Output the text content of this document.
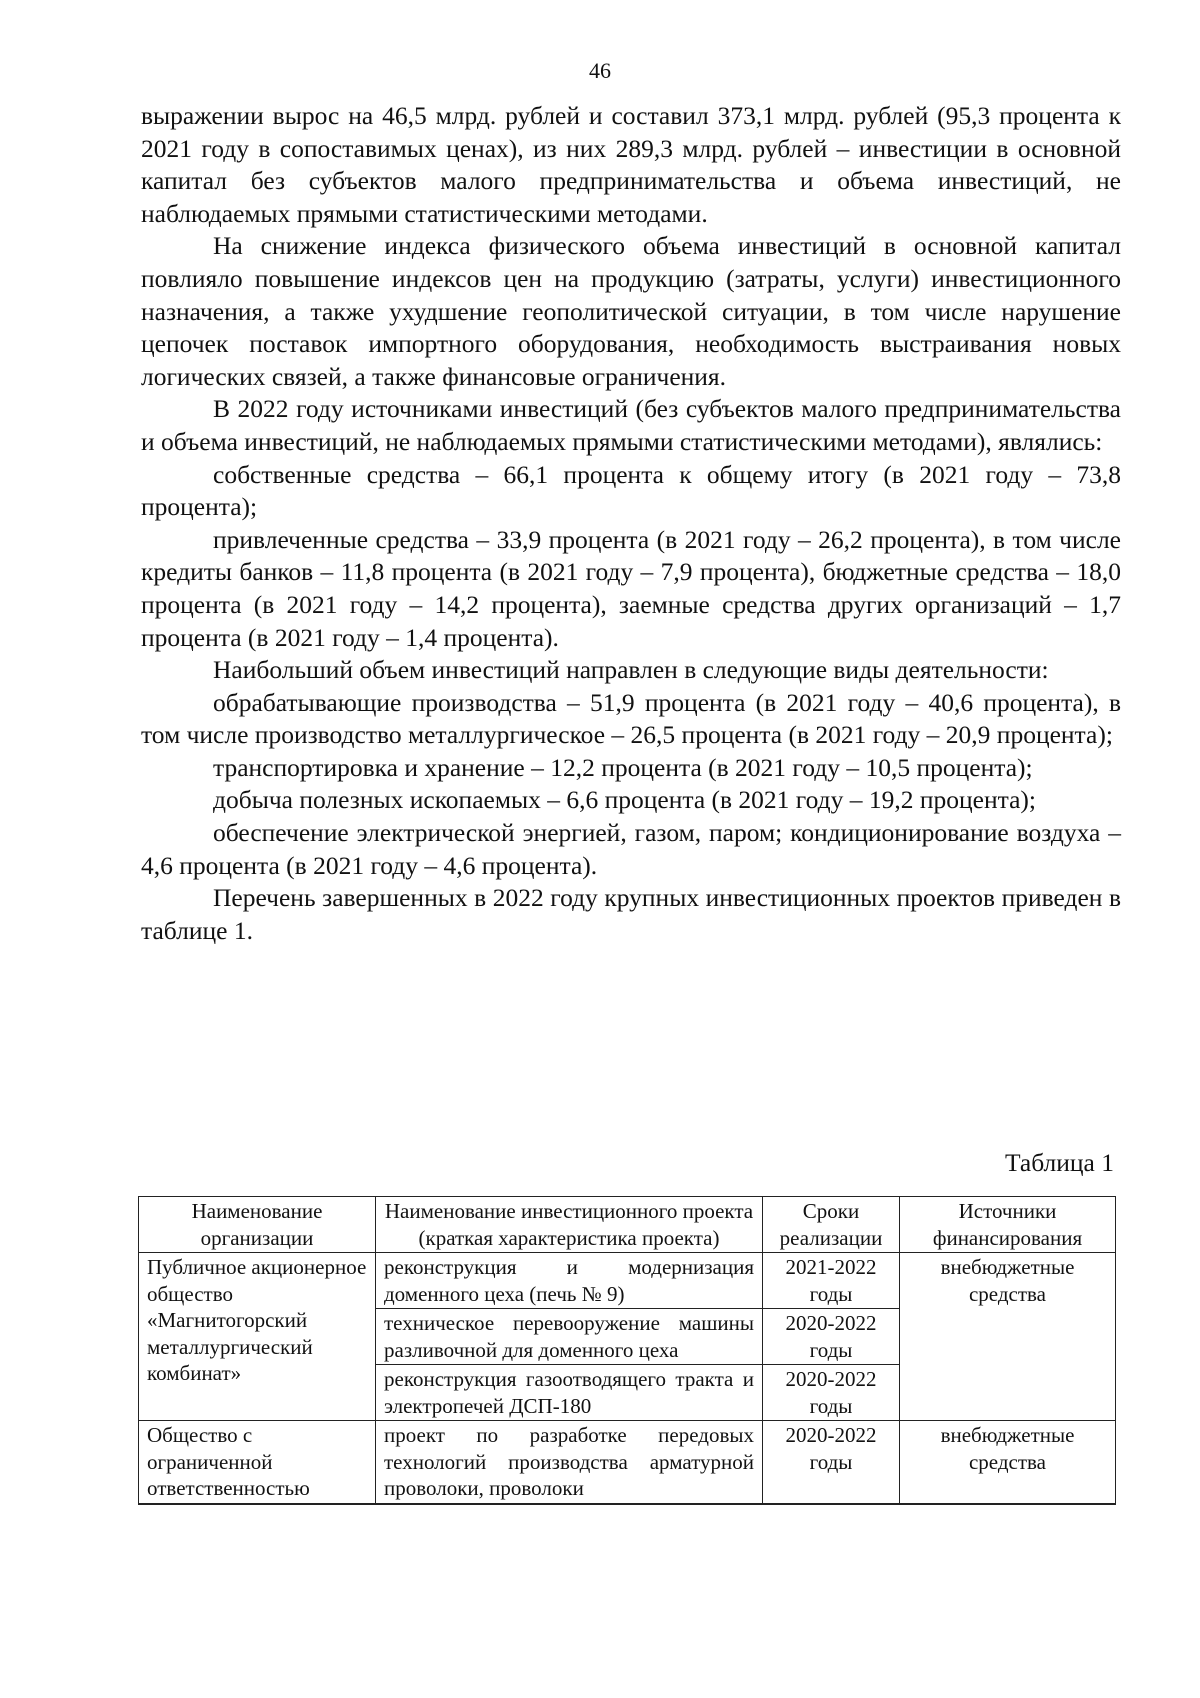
46

выражении вырос на 46,5 млрд. рублей и составил 373,1 млрд. рублей (95,3 процента к 2021 году в сопоставимых ценах), из них 289,3 млрд. рублей – инвестиции в основной капитал без субъектов малого предпринимательства и объема инвестиций, не наблюдаемых прямыми статистическими методами.

На снижение индекса физического объема инвестиций в основной капитал повлияло повышение индексов цен на продукцию (затраты, услуги) инвестиционного назначения, а также ухудшение геополитической ситуации, в том числе нарушение цепочек поставок импортного оборудования, необходимость выстраивания новых логических связей, а также финансовые ограничения.

В 2022 году источниками инвестиций (без субъектов малого предпринимательства и объема инвестиций, не наблюдаемых прямыми статистическими методами), являлись:

собственные средства – 66,1 процента к общему итогу (в 2021 году – 73,8 процента);

привлеченные средства – 33,9 процента (в 2021 году – 26,2 процента), в том числе кредиты банков – 11,8 процента (в 2021 году – 7,9 процента), бюджетные средства – 18,0 процента (в 2021 году – 14,2 процента), заемные средства других организаций – 1,7 процента (в 2021 году – 1,4 процента).

Наибольший объем инвестиций направлен в следующие виды деятельности:

обрабатывающие производства – 51,9 процента (в 2021 году – 40,6 процента), в том числе производство металлургическое – 26,5 процента (в 2021 году – 20,9 процента);

транспортировка и хранение – 12,2 процента (в 2021 году – 10,5 процента);

добыча полезных ископаемых – 6,6 процента (в 2021 году – 19,2 процента);

обеспечение электрической энергией, газом, паром; кондиционирование воздуха – 4,6 процента (в 2021 году – 4,6 процента).

Перечень завершенных в 2022 году крупных инвестиционных проектов приведен в таблице 1.

Таблица 1
Наименование организации	Наименование инвестиционного проекта (краткая характеристика проекта)	Сроки реализации	Источники финансирования
Публичное акционерное общество «Магнитогорский металлургический комбинат»	реконструкция и модернизация доменного цеха (печь № 9)	2021-2022 годы	внебюджетные средства
	техническое перевооружение машины разливочной для доменного цеха	2020-2022 годы	
	реконструкция газоотводящего тракта и электропечей ДСП-180	2020-2022 годы	
Общество с ограниченной ответственностью	проект по разработке передовых технологий производства арматурной проволоки, проволоки	2020-2022 годы	внебюджетные средства
